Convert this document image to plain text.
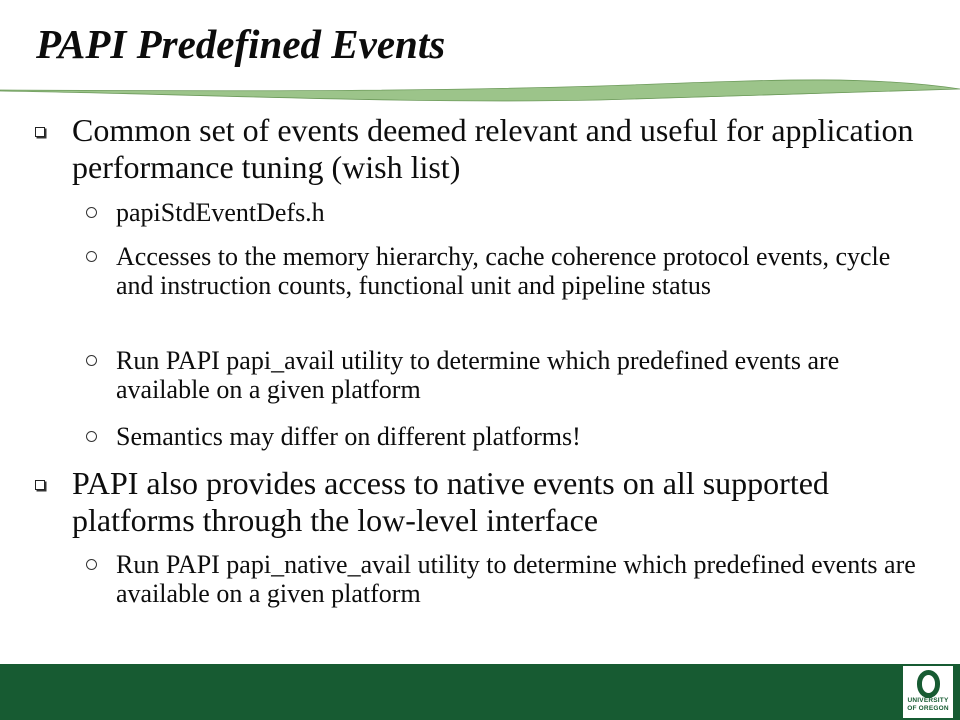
PAPI Predefined Events
Common set of events deemed relevant and useful for application performance tuning (wish list)
papiStdEventDefs.h
Accesses to the memory hierarchy, cache coherence protocol events, cycle and instruction counts, functional unit and pipeline status
Run PAPI papi_avail utility to determine which predefined events are available on a given platform
Semantics may differ on different platforms!
PAPI also provides access to native events on all supported platforms through the low-level interface
Run PAPI papi_native_avail utility to determine which predefined events are available on a given platform
UNIVERSITY
OF OREGON
